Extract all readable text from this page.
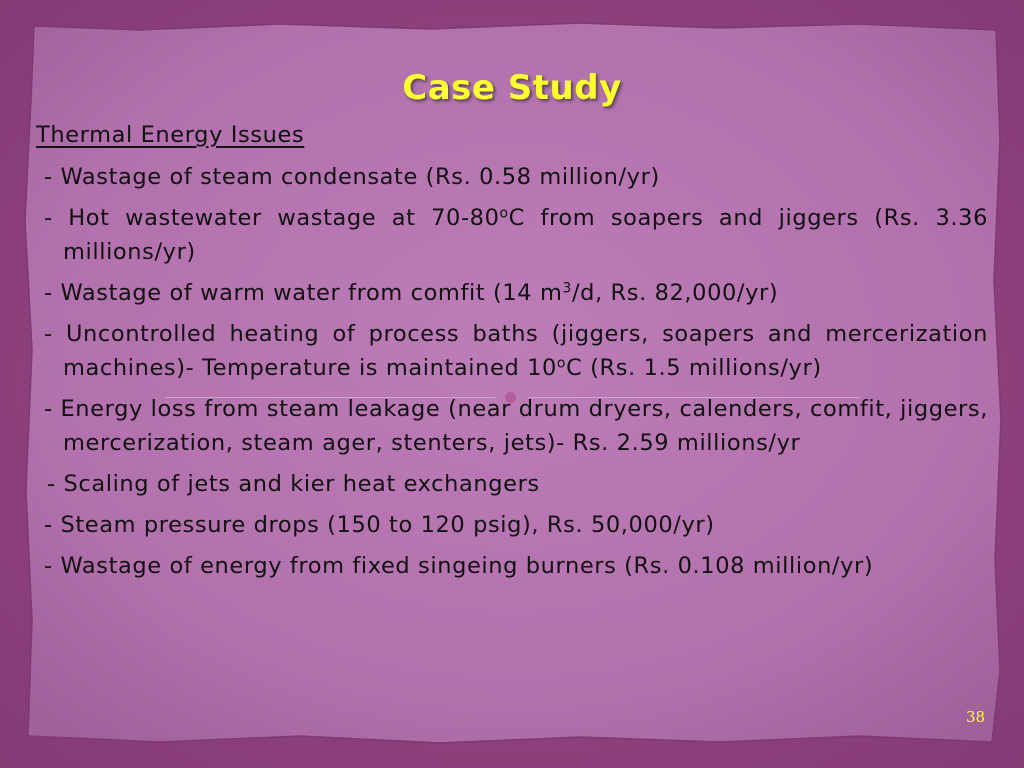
Case Study
Thermal Energy Issues
- Wastage of steam condensate (Rs. 0.58 million/yr)
- Hot wastewater wastage at 70-80$^o$C from soapers and jiggers (Rs. 3.36 millions/yr)
- Wastage of warm water from comfit (14 $m^3/d$, Rs. 82,000/yr)
- Uncontrolled heating of process baths (jiggers, soapers and mercerization machines)- Temperature is maintained 10$^o$C (Rs. 1.5 millions/yr)
- Energy loss from steam leakage (near drum dryers, calenders, comfit, jiggers, mercerization, steam ager, stenters, jets)- Rs. 2.59 millions/yr
- Scaling of jets and kier heat exchangers
- Steam pressure drops (150 to 120 psig), Rs. 50,000/yr)
- Wastage of energy from fixed singeing burners (Rs. 0.108 million/yr)
38
